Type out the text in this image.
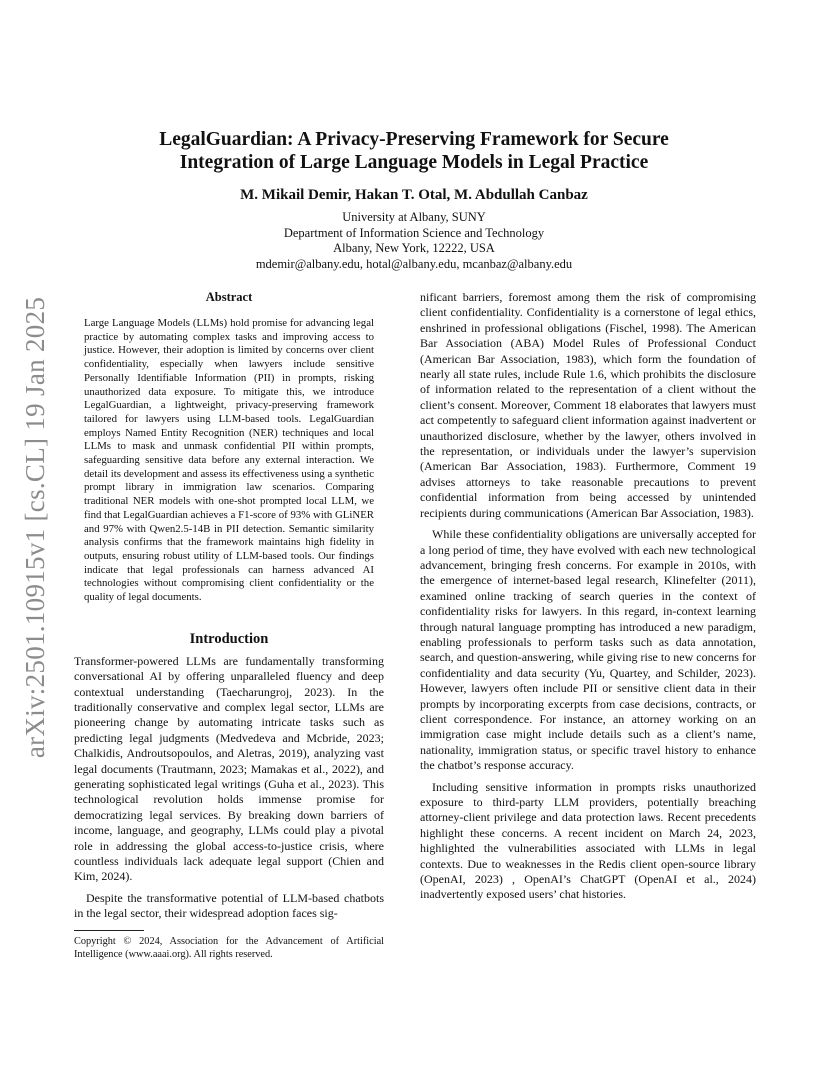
arXiv:2501.10915v1 [cs.CL] 19 Jan 2025
LegalGuardian: A Privacy-Preserving Framework for Secure
Integration of Large Language Models in Legal Practice
M. Mikail Demir, Hakan T. Otal, M. Abdullah Canbaz
University at Albany, SUNY
Department of Information Science and Technology
Albany, New York, 12222, USA
mdemir@albany.edu, hotal@albany.edu, mcanbaz@albany.edu
Abstract

Large Language Models (LLMs) hold promise for advancing legal practice by automating complex tasks and improving access to justice. However, their adoption is limited by concerns over client confidentiality, especially when lawyers include sensitive Personally Identifiable Information (PII) in prompts, risking unauthorized data exposure. To mitigate this, we introduce LegalGuardian, a lightweight, privacy-preserving framework tailored for lawyers using LLM-based tools. LegalGuardian employs Named Entity Recognition (NER) techniques and local LLMs to mask and unmask confidential PII within prompts, safeguarding sensitive data before any external interaction. We detail its development and assess its effectiveness using a synthetic prompt library in immigration law scenarios. Comparing traditional NER models with one-shot prompted local LLM, we find that LegalGuardian achieves a F1-score of 93% with GLiNER and 97% with Qwen2.5-14B in PII detection. Semantic similarity analysis confirms that the framework maintains high fidelity in outputs, ensuring robust utility of LLM-based tools. Our findings indicate that legal professionals can harness advanced AI technologies without compromising client confidentiality or the quality of legal documents.

Introduction

Transformer-powered LLMs are fundamentally transforming conversational AI by offering unparalleled fluency and deep contextual understanding (Taecharungroj, 2023). In the traditionally conservative and complex legal sector, LLMs are pioneering change by automating intricate tasks such as predicting legal judgments (Medvedeva and Mcbride, 2023; Chalkidis, Androutsopoulos, and Aletras, 2019), analyzing vast legal documents (Trautmann, 2023; Mamakas et al., 2022), and generating sophisticated legal writings (Guha et al., 2023). This technological revolution holds immense promise for democratizing legal services. By breaking down barriers of income, language, and geography, LLMs could play a pivotal role in addressing the global access-to-justice crisis, where countless individuals lack adequate legal support (Chien and Kim, 2024).

Despite the transformative potential of LLM-based chatbots in the legal sector, their widespread adoption faces sig-

Copyright © 2024, Association for the Advancement of Artificial Intelligence (www.aaai.org). All rights reserved.

nificant barriers, foremost among them the risk of compromising client confidentiality. Confidentiality is a cornerstone of legal ethics, enshrined in professional obligations (Fischel, 1998). The American Bar Association (ABA) Model Rules of Professional Conduct (American Bar Association, 1983), which form the foundation of nearly all state rules, include Rule 1.6, which prohibits the disclosure of information related to the representation of a client without the client’s consent. Moreover, Comment 18 elaborates that lawyers must act competently to safeguard client information against inadvertent or unauthorized disclosure, whether by the lawyer, others involved in the representation, or individuals under the lawyer’s supervision (American Bar Association, 1983). Furthermore, Comment 19 advises attorneys to take reasonable precautions to prevent confidential information from being accessed by unintended recipients during communications (American Bar Association, 1983).

While these confidentiality obligations are universally accepted for a long period of time, they have evolved with each new technological advancement, bringing fresh concerns. For example in 2010s, with the emergence of internet-based legal research, Klinefelter (2011), examined online tracking of search queries in the context of confidentiality risks for lawyers. In this regard, in-context learning through natural language prompting has introduced a new paradigm, enabling professionals to perform tasks such as data annotation, search, and question-answering, while giving rise to new concerns for confidentiality and data security (Yu, Quartey, and Schilder, 2023). However, lawyers often include PII or sensitive client data in their prompts by incorporating excerpts from case decisions, contracts, or client correspondence. For instance, an attorney working on an immigration case might include details such as a client’s name, nationality, immigration status, or specific travel history to enhance the chatbot’s response accuracy.

Including sensitive information in prompts risks unauthorized exposure to third-party LLM providers, potentially breaching attorney-client privilege and data protection laws. Recent precedents highlight these concerns. A recent incident on March 24, 2023, highlighted the vulnerabilities associated with LLMs in legal contexts. Due to weaknesses in the Redis client open-source library (OpenAI, 2023) , OpenAI’s ChatGPT (OpenAI et al., 2024) inadvertently exposed users’ chat histories.
